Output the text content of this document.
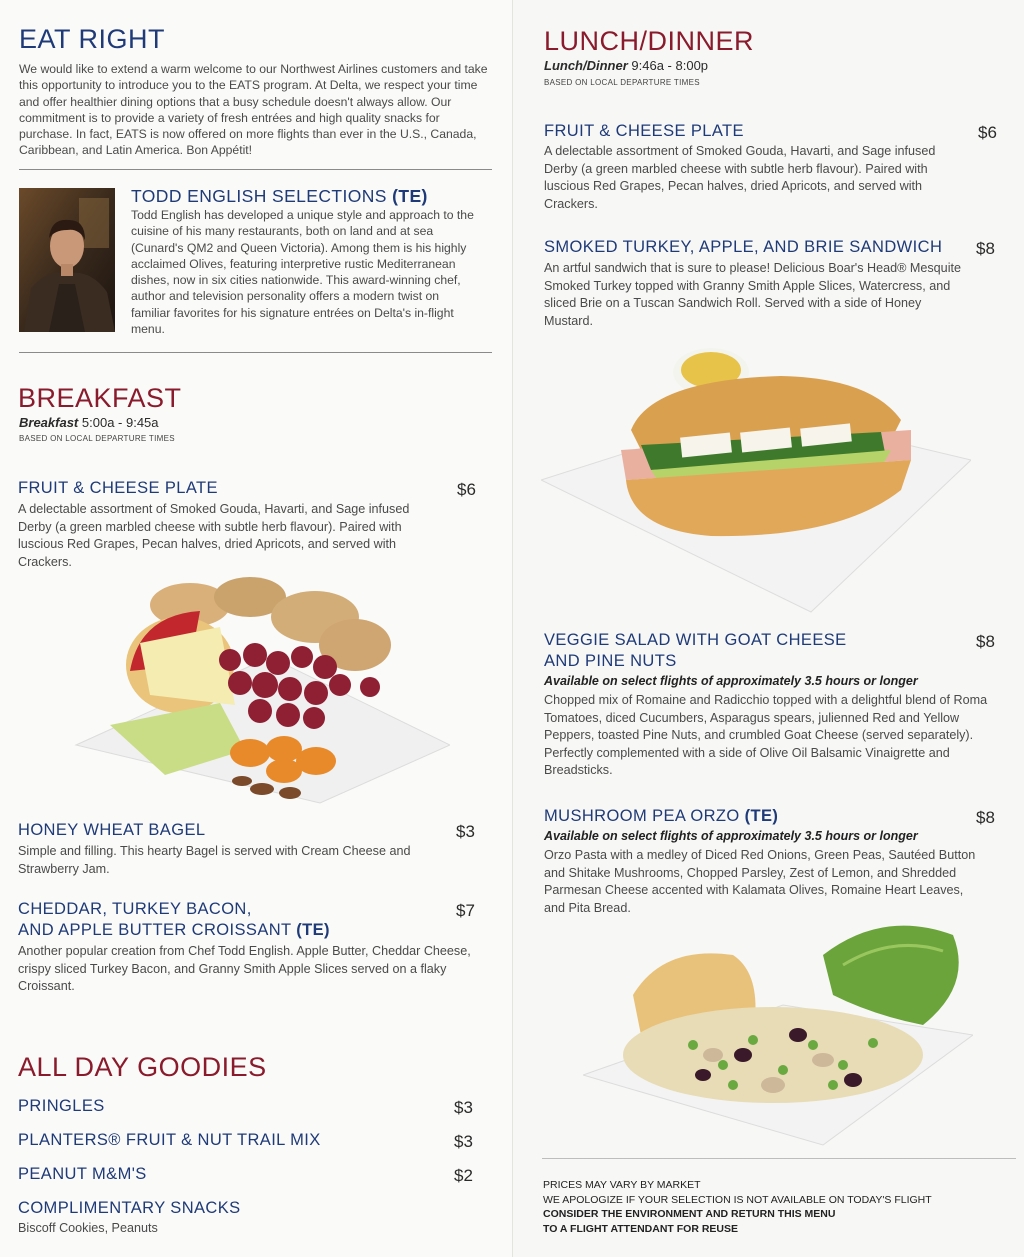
EAT RIGHT

We would like to extend a warm welcome to our Northwest Airlines customers and take this opportunity to introduce you to the EATS program. At Delta, we respect your time and offer healthier dining options that a busy schedule doesn't always allow. Our commitment is to provide a variety of fresh entrées and high quality snacks for purchase. In fact, EATS is now offered on more flights than ever in the U.S., Canada, Caribbean, and Latin America. Bon Appétit!

TODD ENGLISH SELECTIONS (TE)

Todd English has developed a unique style and approach to the cuisine of his many restaurants, both on land and at sea (Cunard's QM2 and Queen Victoria). Among them is his highly acclaimed Olives, featuring interpretive rustic Mediterranean dishes, now in six cities nationwide. This award-winning chef, author and television personality offers a modern twist on familiar favorites for his signature entrées on Delta's in-flight menu.

BREAKFAST
Breakfast 5:00a - 9:45a
BASED ON LOCAL DEPARTURE TIMES
FRUIT & CHEESE PLATE	$6

A delectable assortment of Smoked Gouda, Havarti, and Sage infused Derby (a green marbled cheese with subtle herb flavour). Paired with luscious Red Grapes, Pecan halves, dried Apricots, and served with Crackers.

HONEY WHEAT BAGEL	$3

Simple and filling. This hearty Bagel is served with Cream Cheese and Strawberry Jam.

CHEDDAR, TURKEY BACON,
AND APPLE BUTTER CROISSANT (TE)
$7

Another popular creation from Chef Todd English. Apple Butter, Cheddar Cheese, crispy sliced Turkey Bacon, and Granny Smith Apple Slices served on a flaky Croissant.

ALL DAY GOODIES
PRINGLES	$3
PLANTERS® FRUIT & NUT TRAIL MIX	$3
PEANUT M&M'S	$2
COMPLIMENTARY SNACKS

Biscoff Cookies, Peanuts

LUNCH/DINNER
Lunch/Dinner 9:46a - 8:00p
BASED ON LOCAL DEPARTURE TIMES
FRUIT & CHEESE PLATE	$6

A delectable assortment of Smoked Gouda, Havarti, and Sage infused Derby (a green marbled cheese with subtle herb flavour). Paired with luscious Red Grapes, Pecan halves, dried Apricots, and served with Crackers.

SMOKED TURKEY, APPLE, AND BRIE SANDWICH $8

An artful sandwich that is sure to please! Delicious Boar's Head® Mesquite Smoked Turkey topped with Granny Smith Apple Slices, Watercress, and sliced Brie on a Tuscan Sandwich Roll. Served with a side of Honey Mustard.

VEGGIE SALAD WITH GOAT CHEESE
AND PINE NUTS
$8
Available on select flights of approximately 3.5 hours or longer

Chopped mix of Romaine and Radicchio topped with a delightful blend of Roma Tomatoes, diced Cucumbers, Asparagus spears, julienned Red and Yellow Peppers, toasted Pine Nuts, and crumbled Goat Cheese (served separately). Perfectly complemented with a side of Olive Oil Balsamic Vinaigrette and Breadsticks.

MUSHROOM PEA ORZO (TE)	$8
Available on select flights of approximately 3.5 hours or longer

Orzo Pasta with a medley of Diced Red Onions, Green Peas, Sautéed Button and Shitake Mushrooms, Chopped Parsley, Zest of Lemon, and Shredded Parmesan Cheese accented with Kalamata Olives, Romaine Heart Leaves, and Pita Bread.

PRICES MAY VARY BY MARKET
WE APOLOGIZE IF YOUR SELECTION IS NOT AVAILABLE ON TODAY'S FLIGHT
CONSIDER THE ENVIRONMENT AND RETURN THIS MENU
TO A FLIGHT ATTENDANT FOR REUSE
